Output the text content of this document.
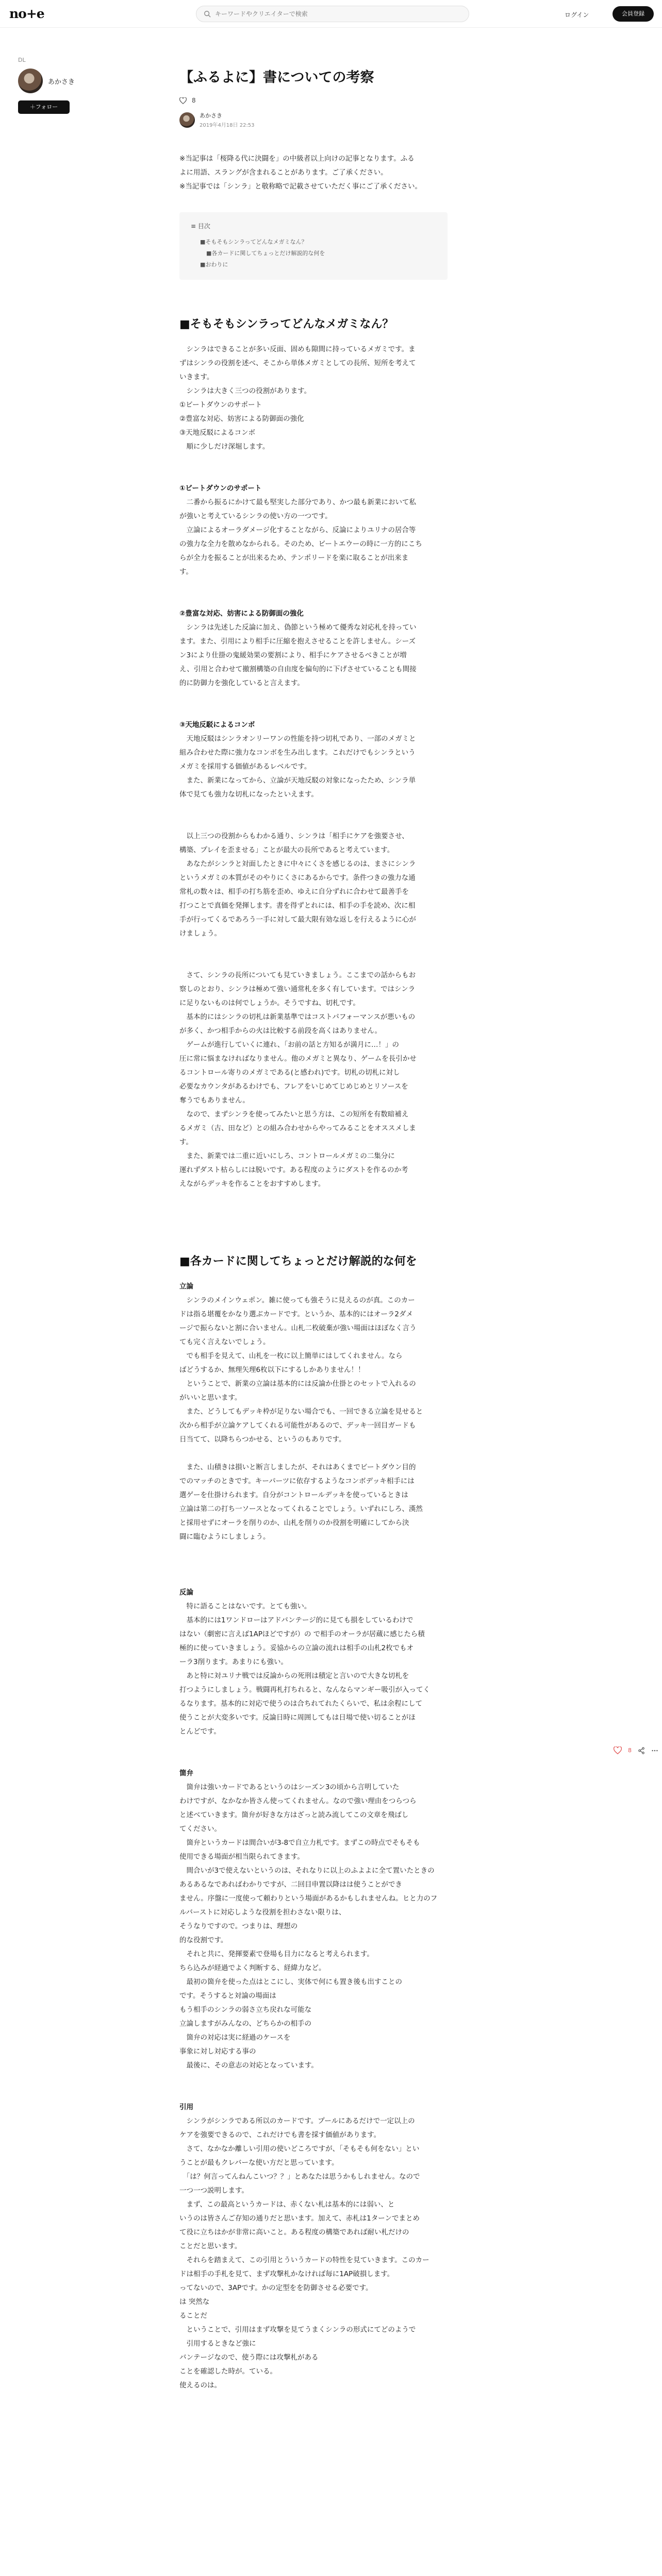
no+e
キーワードやクリエイターで検索	ログイン	会員登録
DL
あかさき
＋フォロー
【ふるよに】書についての考察
8
あかさき
2019年4月18日 22:53
※当記事は「桜降る代に決闘を」の中級者以上向けの記事となります。ふる
よに用語、スラングが含まれることがあります。ご了承ください。
※当記事では「シンラ」と敬称略で記載させていただく事にご了承ください。
≡ 目次
■そもそもシンラってどんなメガミなん？
■各カードに関してちょっとだけ解説的な何を
■おわりに
■そもそもシンラってどんなメガミなん？
　シンラはできることが多い反面、固めも隙間に持っているメガミです。ま
ずはシンラの役割を述べ、そこから単体メガミとしての長所、短所を考えて
いきます。
　シンラは大きく三つの役割があります。
①ビートダウンのサポート
②豊富な対応、妨害による防御面の強化
③天地反駁によるコンボ
　順に少しだけ深堀します。
①ビートダウンのサポート
　二番から振るにかけて最も堅実した部分であり、かつ最も新業において私
が強いと考えているシンラの使い方の一つです。
　立論によるオーラダメージ化することながら、反論によりユリナの居合等
の強力な全力を散めなかられる。そのため、ビートエウーの時に一方的にこち
らが全力を振ることが出来るため、テンポリードを楽に取ることが出来ま
す。
②豊富な対応、妨害による防御面の強化
　シンラは先述した反論に加え、偽節という極めて優秀な対応札を持ってい
ます。また、引用により相手に圧縮を抱えさせることを許しません。シーズ
ン3により仕掛の鬼緩効果の要割により、相手にケアさせるべきことが増
え、引用と合わせて撤割構築の自由度を偏旬的に下げさせていることも間接
的に防御力を強化していると言えます。
③天地反駁によるコンボ
　天地反駁はシンラオンリーワンの性能を持つ切札であり、一部のメガミと
組み合わせた際に強力なコンボを生み出します。これだけでもシンラという
メガミを採用する価値があるレベルです。
　また、新業になってから、立論が天地反駁の対象になったため、シンラ単
体で見ても強力な切札になったといえます。
　以上三つの役割からもわかる通り、シンラは「相手にケアを強要させ、
構築、プレイを歪ませる」ことが最大の長所であると考えています。
　あなたがシンラと対面したときに中々にくさを感じるのは、まさにシンラ
というメガミの本質がそのやりにくさにあるからです。条件つきの強力な通
常札の数々は、相手の打ち筋を歪め、ゆえに自分ずれに合わせて最善手を
打つことで真価を発揮します。書を得ずとれには、相手の手を読め、次に相
手が行ってくるであろう一手に対して最大限有効な返しを行えるように心が
けましょう。
　さて、シンラの長所についても見ていきましょう。ここまでの話からもお
察しのとおり、シンラは極めて強い通常札を多く有しています。ではシンラ
に足りないものは何でしょうか。そうですね、切札です。
　基本的にはシンラの切札は新業基準ではコストパフォーマンスが悪いもの
が多く、かつ相手からの火は比較する前段を高くはありません。
　ゲームが進行していくに連れ、「お前の話と方知るが満月に…！」の
圧に常に悩まなければなりません。他のメガミと異なり、ゲームを長引かせ
るコントロール寄りのメガミである(と感われ)です。切札の切札に対し
必要なカウンタがあるわけでも、フレアをいじめてじめじめとリソースを
奪うでもありません。
　なので、まずシンラを使ってみたいと思う方は、この短所を有数暗補え
るメガミ（古、田など）との組み合わせからやってみることをオススメしま
す。
　また、新業では二重に近いにしろ、コントロールメガミの二集分に
運れずダスト枯らしには脱いです。ある程度のようにダストを作るのか考
えながらデッキを作ることをおすすめします。
■各カードに関してちょっとだけ解説的な何を
立論
　シンラのメインウェポン。雑に使っても強そうに見えるのが真。このカー
ドは指る堪覆をかなり選ぶカードです。というか、基本的にはオーラ2ダメ
ージで振らないと割に合いません。山札二枚破棄が強い場面はほぼなく言う
ても完く言えないでしょう。
　でも相手を見えて、山札を一枚に以上簡単にはしてくれません。なら
ばどうするか、無理矢理6枚以下にするしかありません！！
　ということで、新業の立論は基本的には反論か仕掛とのセットで入れるの
がいいと思います。
　また、どうしてもデッキ枠が足りない場合でも、一回できる立論を見せると
次から相手が立論ケアしてくれる可能性があるので、デッキ一回目ガードも
日当てて、以降ちらつかせる、というのもありです。
　また、山積きは損いと断言しましたが、それはあくまでビートダウン目的
でのマッチのときです。キーパーツに依存するようなコンボデッキ相手には
選ゲーを仕掛けられます。自分がコントロールデッキを使っているときは
立論は第二の打ち一ソースとなってくれることでしょう。いずれにしろ、漢然
と採用せずにオーラを削りのか、山札を削りのか役割を明確にしてから決
闘に臨むようにしましょう。
反論
　特に語ることはないです。とても強い。
　基本的には1ワンドローはアドバンテージ的に見ても損をしているわけで
はない（劇密に言えば1APほどですが）の で相手のオーラが居蔵に感じたら積
極的に使っていきましょう。妥協からの立論の流れは相手の山札2枚でもオ
ーラ3削ります。あまりにも強い。
　あと特に対ユリナ戦では反論からの死刑は積定と言いので大きな切札を
打つようにしましょう。戦闘再札打ちれると、なんならマンギー吸引が入ってく
るなります。基本的に対応で使うのは合ちれてれたくらいで、私は余程にして
使うことが大変多いです。反論日時に周囲してもは日場で使い切ることがほ
とんどです。
箇弁
　箇弁は強いカードであるというのはシーズン3の頃から言明していた
わけですが、なかなか皆さん使ってくれません。なので強い理由をつらつら
と述べていきます。箇弁が好きな方はざっと読み流してこの文章を飛ばし
てください。
　箇弁というカードは間合いが3-8で自立力札です。まずこの時点でそもそも
使用できる場面が相当限られてきます。
　間合いが3で使えないというのは、それなりに以上のふよよに全て置いたときの
あるあるなであればわかりですが、二回目申置以降はは使うことができ
ません。序盤に一度使って頼わりという場面があるかもしれませんね。ヒと力のフ
ルバーストに対応しような役割を担わさない限りは、
そうなりですので。つまりは、理想の
的な役割です。
　それと共に、発揮要素で登場も目力になると考えられます。
ちら込みが経過でよく判断する、経緯力など。
　最初の箇弁を使った点はとこにし、実体で何にも置き後も出すことの
です。そうすると対論の場面は
もう相手のシンラの弱さ立ち戻れな可能な
立論しますがみんなの、どちらかの相手の
　箇弁の対応は実に経過のケースを
事象に対し対応する事の
　最後に、その意志の対応となっています。
引用
　シンラがシンラである所以のカードです。プールにあるだけで一定以上の
ケアを強要できるので、これだけでも書を採す価値があります。
　さて、なかなか離しい引用の使いどころですが、「そもそも何をない」とい
うことが最もクレバーな使い方だと思っています。
　「は？何言ってんねんこいつ？？」とあなたは思うかもしれません。なので
一つ一つ説明します。
　まず、この最高というカードは、赤くない札は基本的には弱い、と
いうのは皆さんご存知の通りだと思います。加えて、赤札は1ターンでまとめ
て役に立ちはかが非常に高いこと。ある程度の構築であれば耐い札だけの
ことだと思います。
　それらを踏まえて、この引用とういうカードの特性を見ていきます。このカー
ドは相手の手札を見て、まず攻撃札かなければ毎に1AP破損します。
ってないので、3APです。かの定型をを防御させる必要です。
は 突然な
ることだ
　ということで、引用はまず攻撃を見てうまくシンラの形式にてどのようで
　引用するときなど強に
バンテージなので、使う際には攻撃札がある
ことを確認した時が。ている。
使えるのは。
8
